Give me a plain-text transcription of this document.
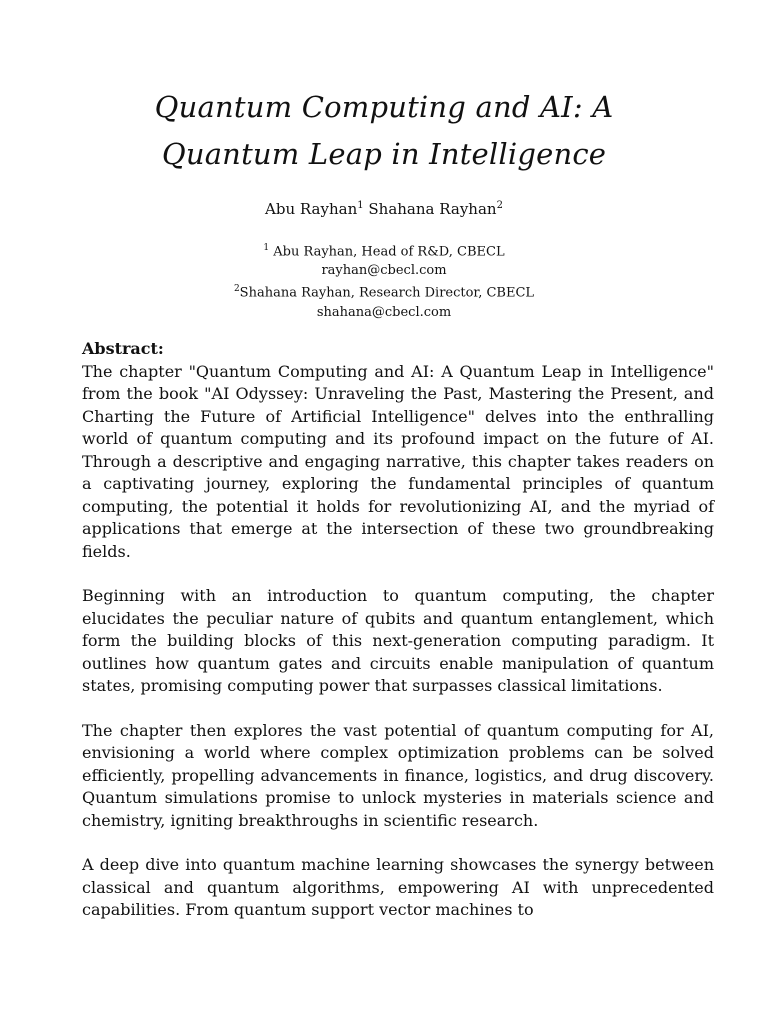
Quantum Computing and AI: A
Quantum Leap in Intelligence
Abu Rayhan$^1$ Shahana Rayhan$^2$
$^1$ Abu Rayhan, Head of R&D, CBECL
rayhan@cbecl.com
$^2$Shahana Rayhan, Research Director, CBECL
shahana@cbecl.com

Abstract:
The chapter "Quantum Computing and AI: A Quantum Leap in Intelligence" from the book "AI Odyssey: Unraveling the Past, Mastering the Present, and Charting the Future of Artificial Intelligence" delves into the enthralling world of quantum computing and its profound impact on the future of AI. Through a descriptive and engaging narrative, this chapter takes readers on a captivating journey, exploring the fundamental principles of quantum computing, the potential it holds for revolutionizing AI, and the myriad of applications that emerge at the intersection of these two groundbreaking fields.

Beginning with an introduction to quantum computing, the chapter elucidates the peculiar nature of qubits and quantum entanglement, which form the building blocks of this next-generation computing paradigm. It outlines how quantum gates and circuits enable manipulation of quantum states, promising computing power that surpasses classical limitations.

The chapter then explores the vast potential of quantum computing for AI, envisioning a world where complex optimization problems can be solved efficiently, propelling advancements in finance, logistics, and drug discovery. Quantum simulations promise to unlock mysteries in materials science and chemistry, igniting breakthroughs in scientific research.

A deep dive into quantum machine learning showcases the synergy between classical and quantum algorithms, empowering AI with unprecedented capabilities. From quantum support vector machines to
